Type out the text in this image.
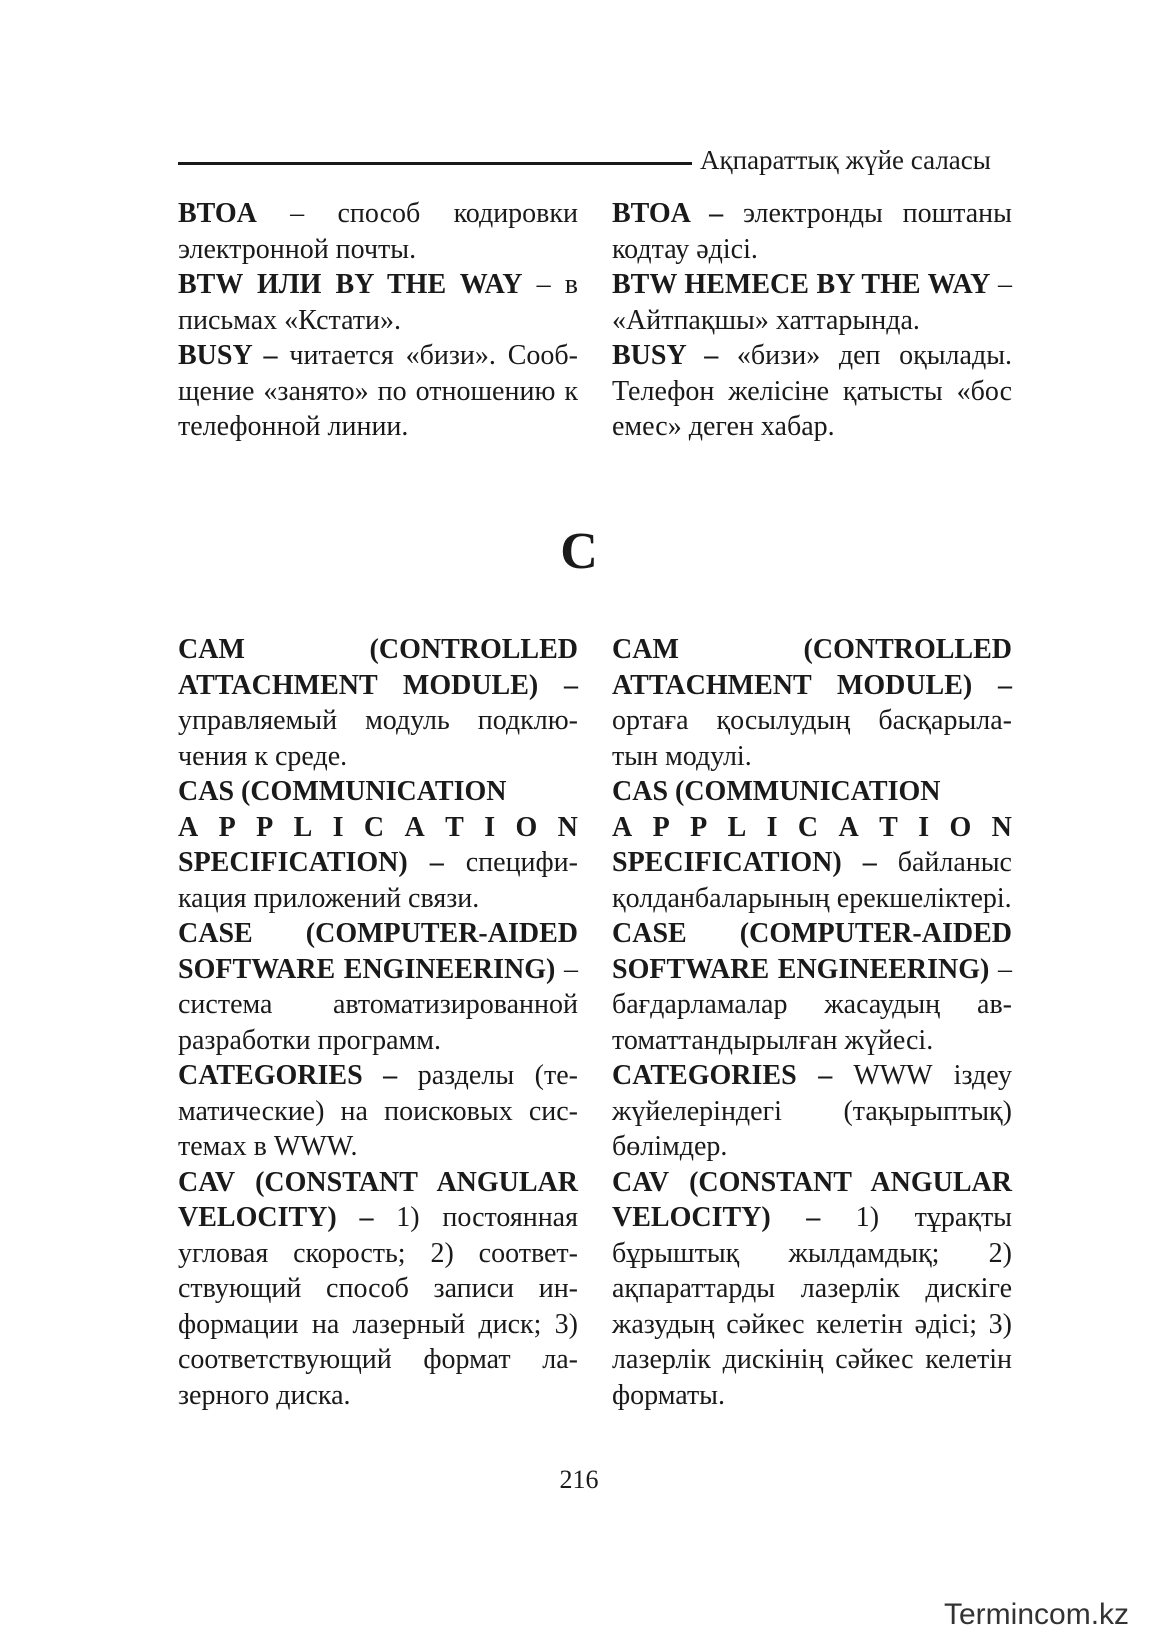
Ақпараттық жүйе саласы

BTOA – способ кодировки электронной почты.

BTW ИЛИ BY THE WAY – в письмах «Кстати».

BUSY – читается «бизи». Сооб-щение «занято» по отношению к телефонной линии.

BTOA – электронды поштаны кодтау әдісі.

BTW HEMECE BY THE WAY – «Айтпақшы» хаттарында.

BUSY – «бизи» деп оқылады. Телефон желісіне қатысты «бос емес» деген хабар.

C

CAM (CONTROLLED ATTACHMENT MODULE) – управляемый модуль подклю-чения к среде.

CAS (COMMUNICATION

A P P L I C A T I O N

SPECIFICATION) – специфи-кация приложений связи.

CASE (COMPUTER-AIDED SOFTWARE ENGINEERING) – система автоматизированной разработки программ.

CATEGORIES – разделы (те-матические) на поисковых сис-темах в WWW.

CAV (CONSTANT ANGULAR VELOCITY) – 1) постоянная угловая скорость; 2) соответ-ствующий способ записи ин-формации на лазерный диск; 3) соответствующий формат ла-зерного диска.

CAM (CONTROLLED ATTACHMENT MODULE) – ортаға қосылудың басқарыла-тын модулі.

CAS (COMMUNICATION

A P P L I C A T I O N

SPECIFICATION) – байланыс қолданбаларының ерекшеліктері.

CASE (COMPUTER-AIDED SOFTWARE ENGINEERING) – бағдарламалар жасаудың ав-томаттандырылған жүйесі.

CATEGORIES – WWW іздеу жүйелеріндегі (тақырыптық) бөлімдер.

CAV (CONSTANT ANGULAR VELOCITY) – 1) тұрақты бұрыштық жылдамдық; 2) ақпараттарды лазерлік дискіге жазудың сәйкес келетін әдісі; 3) лазерлік дискінің сәйкес келетін форматы.

216
Termincom.kz
